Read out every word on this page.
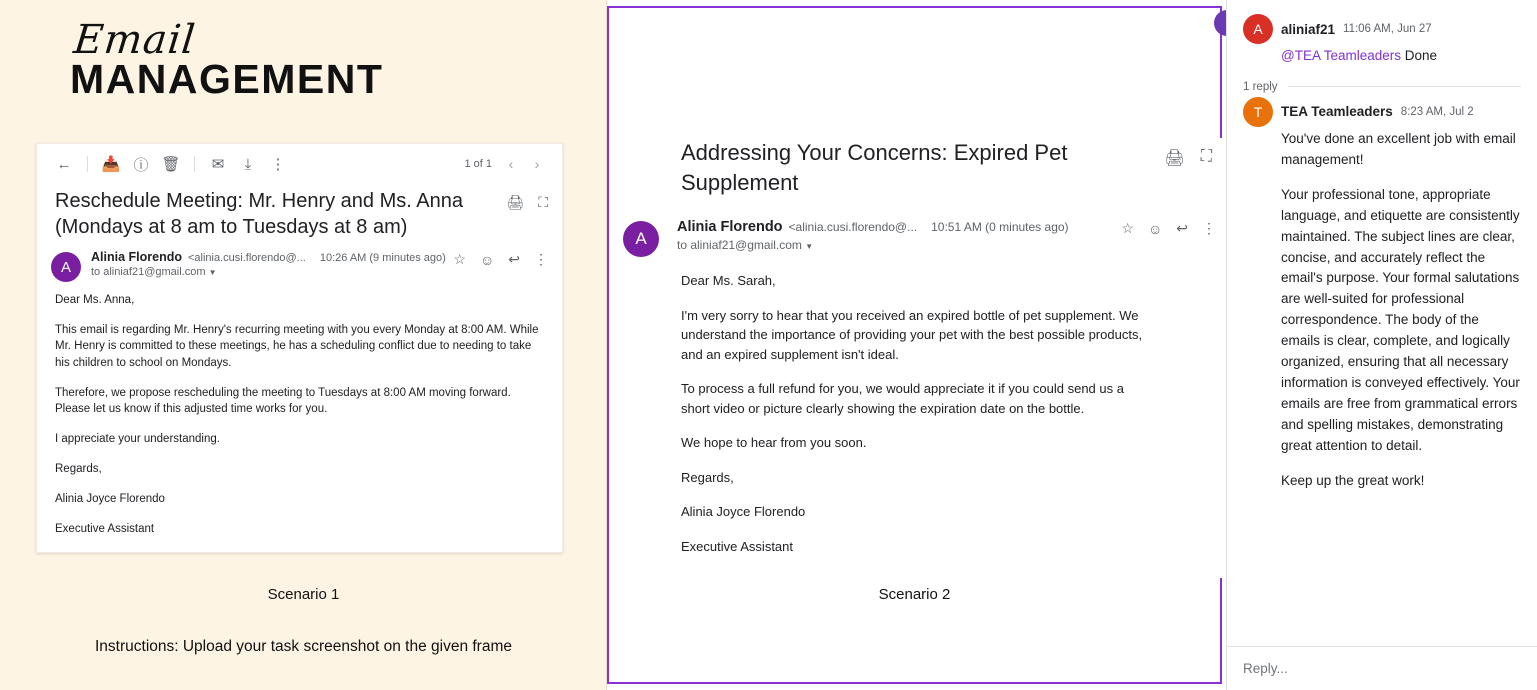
Email
MANAGEMENT
←	📥 ⓘ 🗑	✉	⤓	⋮	1 of 1	‹	›
Reschedule Meeting: Mr. Henry and Ms. Anna (Mondays at 8 am to Tuesdays at 8 am)
🖨 ⛶
A
Alinia Florendo <alinia.cusi.florendo@... 10:26 AM (9 minutes ago)
to aliniaf21@gmail.com ▼
☆ ☺ ↩ ⋮

Dear Ms. Anna,

This email is regarding Mr. Henry's recurring meeting with you every Monday at 8:00 AM. While Mr. Henry is committed to these meetings, he has a scheduling conflict due to needing to take his children to school on Mondays.

Therefore, we propose rescheduling the meeting to Tuesdays at 8:00 AM moving forward. Please let us know if this adjusted time works for you.

I appreciate your understanding.

Regards,

Alinia Joyce Florendo

Executive Assistant

Scenario 1
Instructions: Upload your task screenshot on the given frame
Addressing Your Concerns: Expired Pet Supplement
🖨 ⛶
A
Alinia Florendo <alinia.cusi.florendo@... 10:51 AM (0 minutes ago)
to aliniaf21@gmail.com ▼
☆ ☺ ↩ ⋮

Dear Ms. Sarah,

I'm very sorry to hear that you received an expired bottle of pet supplement. We understand the importance of providing your pet with the best possible products, and an expired supplement isn't ideal.

To process a full refund for you, we would appreciate it if you could send us a short video or picture clearly showing the expiration date on the bottle.

We hope to hear from you soon.

Regards,

Alinia Joyce Florendo

Executive Assistant

Scenario 2
A	aliniaf21 11:06 AM, Jun 27
@TEA Teamleaders Done
1 reply
T	TEA Teamleaders 8:23 AM, Jul 2

You've done an excellent job with email management!

Your professional tone, appropriate language, and etiquette are consistently maintained. The subject lines are clear, concise, and accurately reflect the email's purpose. Your formal salutations are well-suited for professional correspondence. The body of the emails is clear, complete, and logically organized, ensuring that all necessary information is conveyed effectively. Your emails are free from grammatical errors and spelling mistakes, demonstrating great attention to detail.

Keep up the great work!

Reply...
